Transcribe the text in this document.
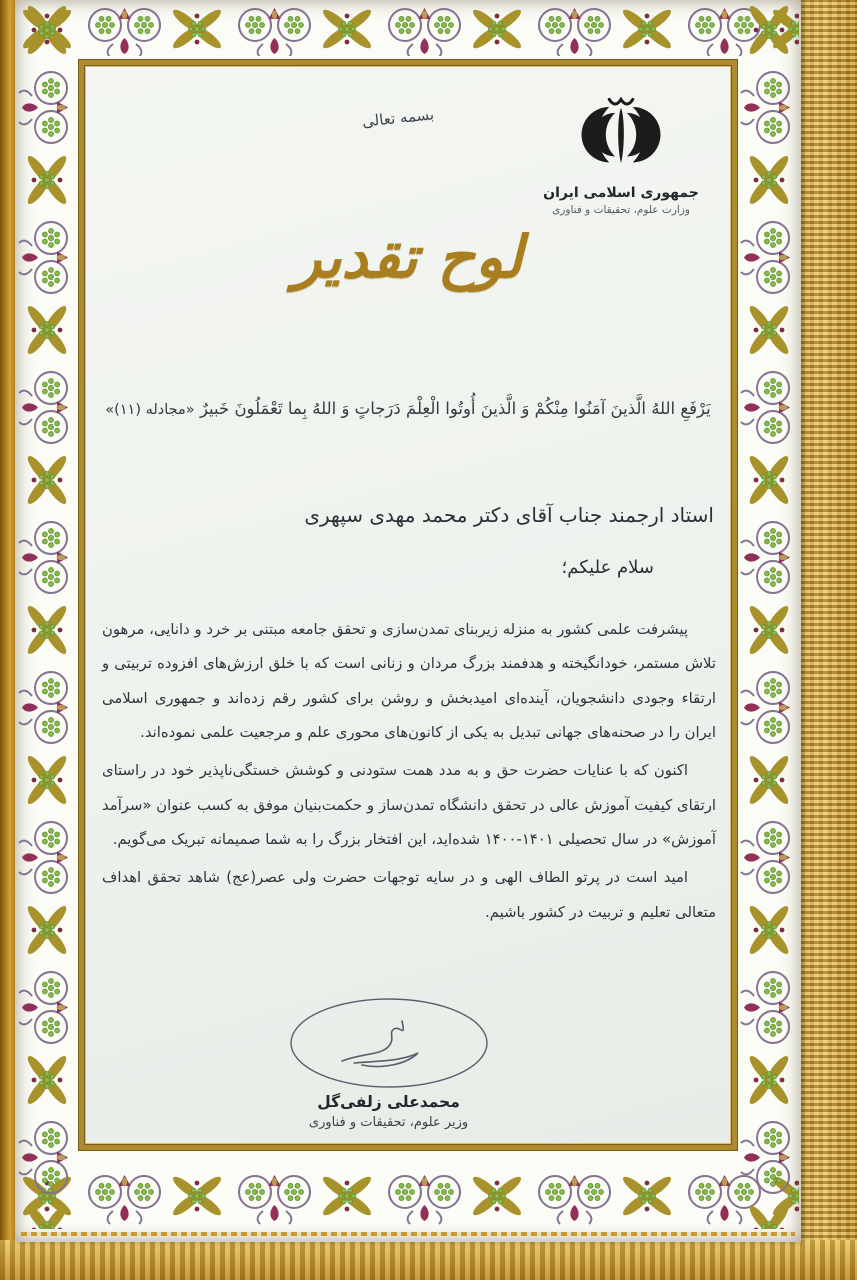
بسمه تعالی
جمهوری اسلامی ایران
وزارت علوم، تحقیقات و فناوری
لوح تقدیر
یَرْفَعِ اللهُ الَّذینَ آمَنُوا مِنْکُمْ وَ الَّذینَ أُوتُوا الْعِلْمَ دَرَجاتٍ وَ اللهُ بِما تَعْمَلُونَ خَبیرٌ «مجادله (۱۱)»
استاد ارجمند جناب آقای دکتر محمد مهدی سپهری
سلام علیکم؛

پیشرفت علمی کشور به منزله زیربنای تمدن‌سازی و تحقق جامعه مبتنی بر خرد و دانایی، مرهون تلاش مستمر، خودانگیخته و هدفمند بزرگ مردان و زنانی است که با خلق ارزش‌های افزوده تربیتی و ارتقاء وجودی دانشجویان، آینده‌ای امیدبخش و روشن برای کشور رقم زده‌اند و جمهوری اسلامی ایران را در صحنه‌های جهانی تبدیل به یکی از کانون‌های محوری علم و مرجعیت علمی نموده‌اند.

اکنون که با عنایات حضرت حق و به مدد همت ستودنی و کوشش خستگی‌ناپذیر خود در راستای ارتقای کیفیت آموزش عالی در تحقق دانشگاه تمدن‌ساز و حکمت‌بنیان موفق به کسب عنوان «سرآمد آموزش» در سال تحصیلی ۱۴۰۱-۱۴۰۰ شده‌اید، این افتخار بزرگ را به شما صمیمانه تبریک می‌گویم.

امید است در پرتو الطاف الهی و در سایه توجهات حضرت ولی عصر(عج) شاهد تحقق اهداف متعالی تعلیم و تربیت در کشور باشیم.

محمدعلی زلفی‌گل
وزیر علوم، تحقیقات و فناوری
